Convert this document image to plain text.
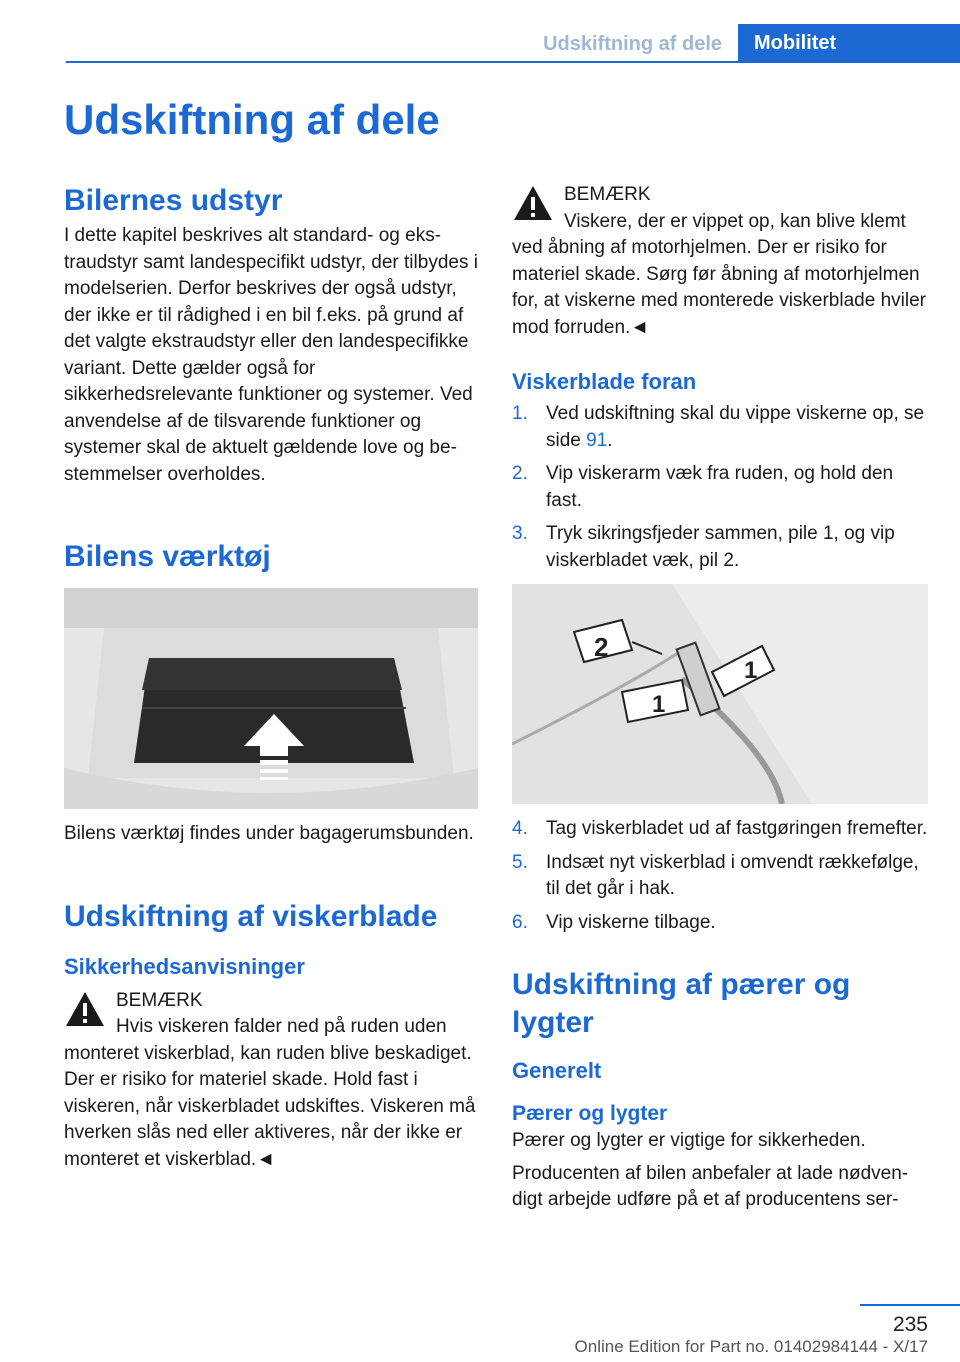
Udskiftning af dele	Mobilitet
Udskiftning af dele
Bilernes udstyr

I dette kapitel beskrives alt standard- og ekstraudstyr samt landespecifikt udstyr, der tilbydes i modelserien. Derfor beskrives der også udstyr, der ikke er til rådighed i en bil f.eks. på grund af det valgte ekstraudstyr eller den landespecifikke variant. Dette gælder også for sikkerhedsrelevante funktioner og systemer. Ved anvendelse af de tilsvarende funktioner og systemer skal de aktuelt gældende love og bestemmelser overholdes.

Bilens værktøj

Bilens værktøj findes under bagagerumsbunden.

Udskiftning af viskerblade
Sikkerhedsanvisninger
BEMÆRK
Hvis viskeren falder ned på ruden uden monteret viskerblad, kan ruden blive beskadiget. Der er risiko for materiel skade. Hold fast i viskeren, når viskerbladet udskiftes. Viskeren må hverken slås ned eller aktiveres, når der ikke er monteret et viskerblad.◄
BEMÆRK
Viskere, der er vippet op, kan blive klemt ved åbning af motorhjelmen. Der er risiko for materiel skade. Sørg før åbning af motorhjelmen for, at viskerne med monterede viskerblade hviler mod forruden.◄
Viskerblade foran
1. Ved udskiftning skal du vippe viskerne op, se side 91.
2. Vip viskerarm væk fra ruden, og hold den fast.
3. Tryk sikringsfjeder sammen, pile 1, og vip viskerbladet væk, pil 2.
2
1
1
4. Tag viskerbladet ud af fastgøringen fremefter.
5. Indsæt nyt viskerblad i omvendt rækkefølge, til det går i hak.
6. Vip viskerne tilbage.
Udskiftning af pærer og lygter
Generelt
Pærer og lygter

Pærer og lygter er vigtige for sikkerheden.

Producenten af bilen anbefaler at lade nødvendigt arbejde udføre på et af producentens ser-

235
Online Edition for Part no. 01402984144 - X/17
